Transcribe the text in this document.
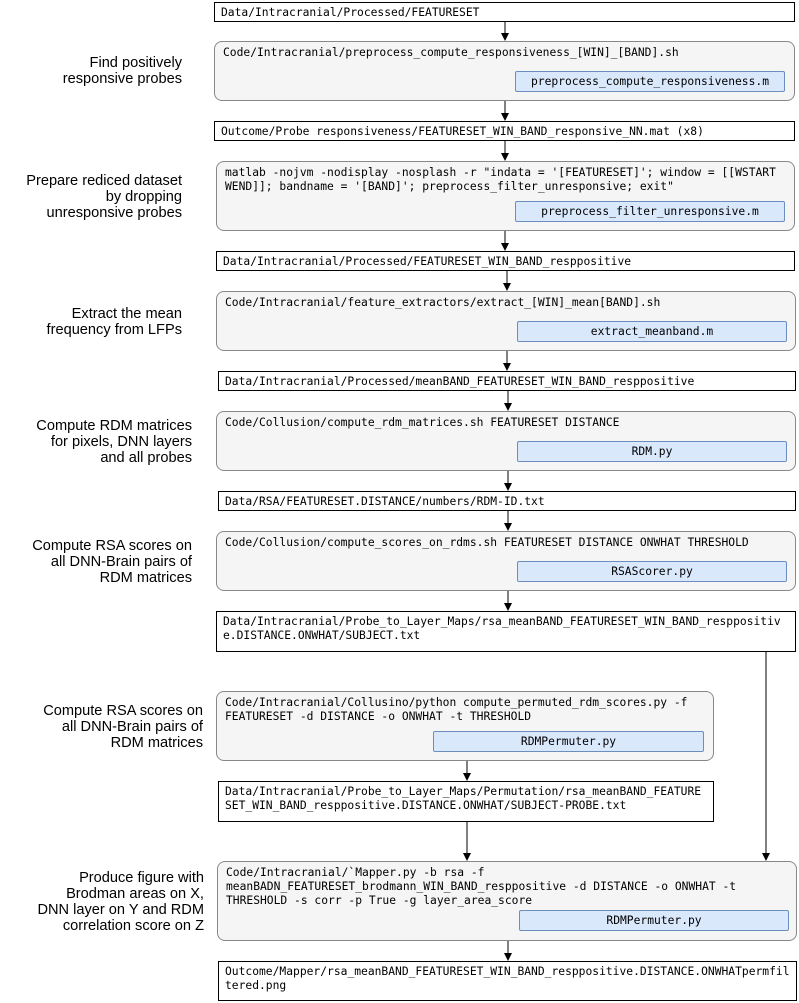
Data/Intracranial/Processed/FEATURESET
Find positively
responsive probes
Code/Intracranial/preprocess_compute_responsiveness_[WIN]_[BAND].sh
preprocess_compute_responsiveness.m
Outcome/Probe responsiveness/FEATURESET_WIN_BAND_responsive_NN.mat (x8)
Prepare rediced dataset
by dropping
unresponsive probes
matlab -nojvm -nodisplay -nosplash -r "indata = '[FEATURESET]'; window = [[WSTART WEND]]; bandname = '[BAND]'; preprocess_filter_unresponsive; exit"
preprocess_filter_unresponsive.m
Data/Intracranial/Processed/FEATURESET_WIN_BAND_resppositive
Extract the mean
frequency from LFPs
Code/Intracranial/feature_extractors/extract_[WIN]_mean[BAND].sh
extract_meanband.m
Data/Intracranial/Processed/meanBAND_FEATURESET_WIN_BAND_resppositive
Compute RDM matrices
for pixels, DNN layers
and all probes
Code/Collusion/compute_rdm_matrices.sh FEATURESET DISTANCE
RDM.py
Data/RSA/FEATURESET.DISTANCE/numbers/RDM-ID.txt
Compute RSA scores on
all DNN-Brain pairs of
RDM matrices
Code/Collusion/compute_scores_on_rdms.sh FEATURESET DISTANCE ONWHAT THRESHOLD
RSAScorer.py
Data/Intracranial/Probe_to_Layer_Maps/rsa_meanBAND_FEATURESET_WIN_BAND_resppositive.DISTANCE.ONWHAT/SUBJECT.txt
Compute RSA scores on
all DNN-Brain pairs of
RDM matrices
Code/Intracranial/Collusino/python compute_permuted_rdm_scores.py -f FEATURESET -d DISTANCE -o ONWHAT -t THRESHOLD
RDMPermuter.py
Data/Intracranial/Probe_to_Layer_Maps/Permutation/rsa_meanBAND_FEATURESET_WIN_BAND_resppositive.DISTANCE.ONWHAT/SUBJECT-PROBE.txt
Produce figure with
Brodman areas on X,
DNN layer on Y and RDM
correlation score on Z
Code/Intracranial/`Mapper.py -b rsa -f meanBADN_FEATURESET_brodmann_WIN_BAND_resppositive -d DISTANCE -o ONWHAT -t THRESHOLD -s corr -p True -g layer_area_score
RDMPermuter.py
Outcome/Mapper/rsa_meanBAND_FEATURESET_WIN_BAND_resppositive.DISTANCE.ONWHATpermfiltered.png
